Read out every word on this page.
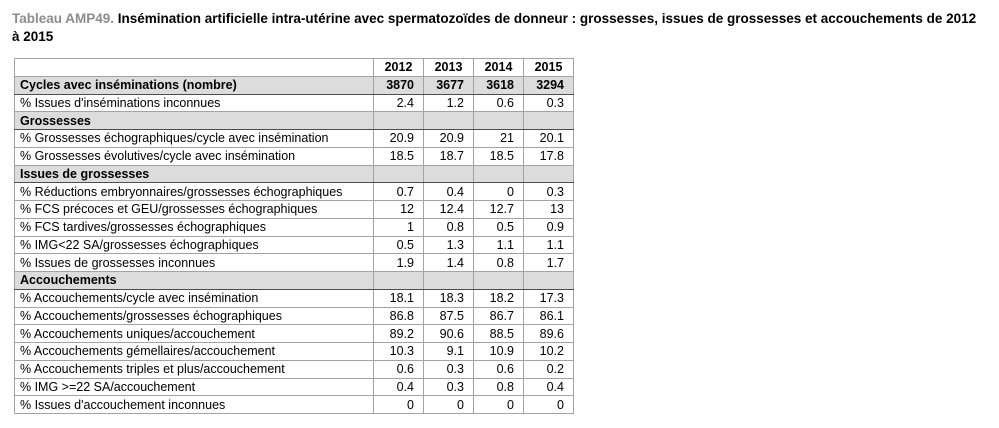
Tableau AMP49. Insémination artificielle intra-utérine avec spermatozoïdes de donneur : grossesses, issues de grossesses et accouchements de 2012 à 2015
	2012	2013	2014	2015
Cycles avec inséminations (nombre)	3870	3677	3618	3294
% Issues d'inséminations inconnues	2.4	1.2	0.6	0.3
Grossesses				
% Grossesses échographiques/cycle avec insémination	20.9	20.9	21	20.1
% Grossesses évolutives/cycle avec insémination	18.5	18.7	18.5	17.8
Issues de grossesses				
% Réductions embryonnaires/grossesses échographiques	0.7	0.4	0	0.3
% FCS précoces et GEU/grossesses échographiques	12	12.4	12.7	13
% FCS tardives/grossesses échographiques	1	0.8	0.5	0.9
% IMG<22 SA/grossesses échographiques	0.5	1.3	1.1	1.1
% Issues de grossesses inconnues	1.9	1.4	0.8	1.7
Accouchements				
% Accouchements/cycle avec insémination	18.1	18.3	18.2	17.3
% Accouchements/grossesses échographiques	86.8	87.5	86.7	86.1
% Accouchements uniques/accouchement	89.2	90.6	88.5	89.6
% Accouchements gémellaires/accouchement	10.3	9.1	10.9	10.2
% Accouchements triples et plus/accouchement	0.6	0.3	0.6	0.2
% IMG >=22 SA/accouchement	0.4	0.3	0.8	0.4
% Issues d'accouchement inconnues	0	0	0	0
